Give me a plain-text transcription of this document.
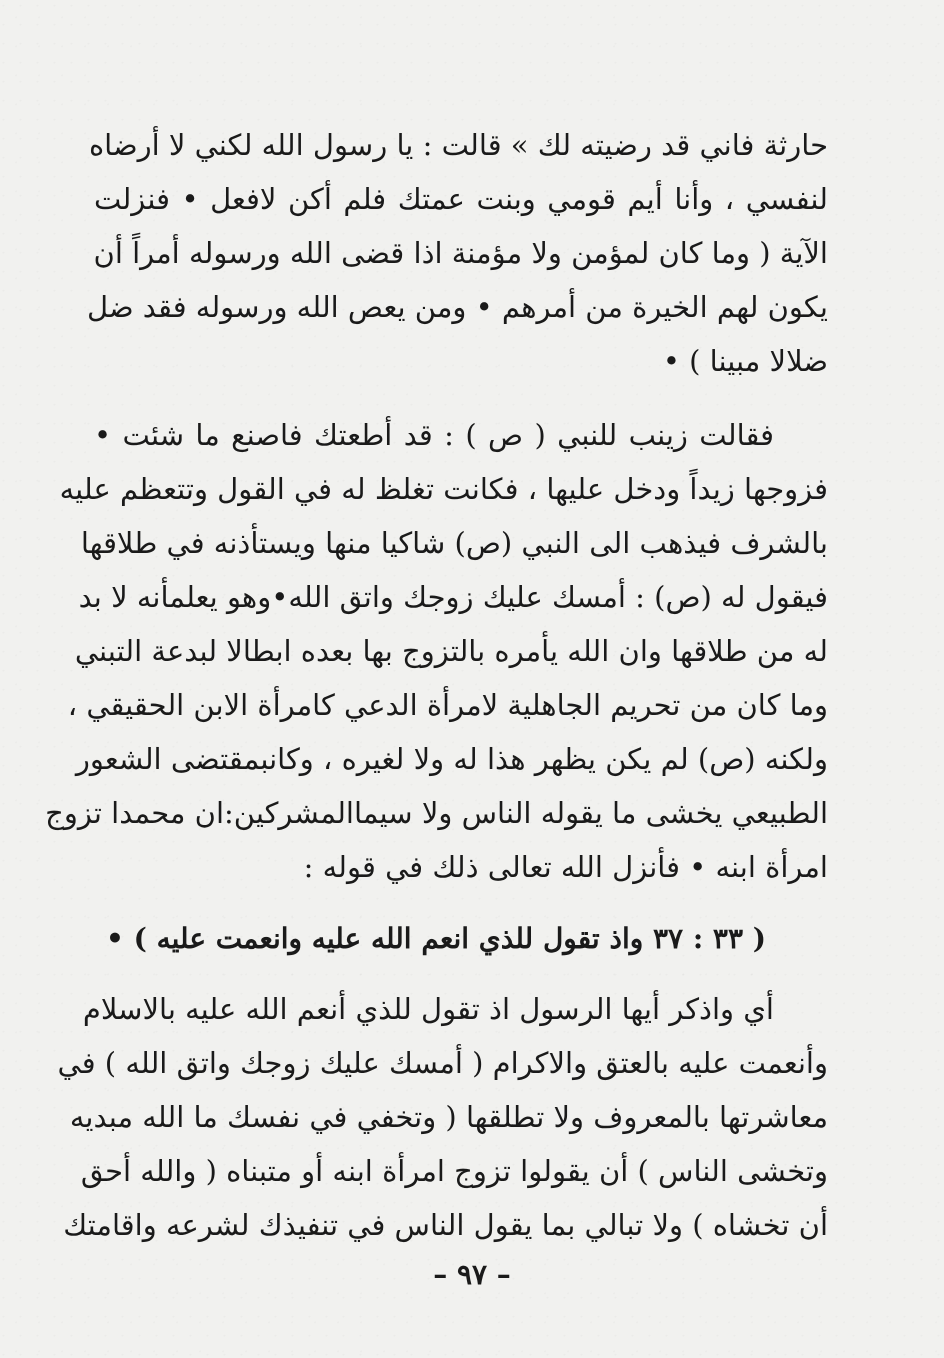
حارثة فاني قد رضيته لك » قالت : يا رسول الله لكني لا أرضاه
لنفسي ، وأنا أيم قومي وبنت عمتك فلم أكن لافعل • فنزلت
الآية ( وما كان لمؤمن ولا مؤمنة اذا قضى الله ورسوله أمراً أن
يكون لهم الخيرة من أمرهم • ومن يعص الله ورسوله فقد ضل
ضلالا مبينا ) •
فقالت زينب للنبي ( ص ) : قد أطعتك فاصنع ما شئت •
فزوجها زيداً ودخل عليها ، فكانت تغلظ له في القول وتتعظم عليه
بالشرف فيذهب الى النبي (ص) شاكيا منها ويستأذنه في طلاقها
فيقول له (ص) : أمسك عليك زوجك واتق الله•وهو يعلمأنه لا بد
له من طلاقها وان الله يأمره بالتزوج بها بعده ابطالا لبدعة التبني
وما كان من تحريم الجاهلية لامرأة الدعي كامرأة الابن الحقيقي ،
ولكنه (ص) لم يكن يظهر هذا له ولا لغيره ، وكانبمقتضى الشعور
الطبيعي يخشى ما يقوله الناس ولا سيماالمشركين:ان محمدا تزوج
امرأة ابنه • فأنزل الله تعالى ذلك في قوله :
( ٣٣ : ٣٧ واذ تقول للذي انعم الله عليه وانعمت عليه ) •
أي واذكر أيها الرسول اذ تقول للذي أنعم الله عليه بالاسلام
وأنعمت عليه بالعتق والاكرام ( أمسك عليك زوجك واتق الله ) في
معاشرتها بالمعروف ولا تطلقها ( وتخفي في نفسك ما الله مبديه
وتخشى الناس ) أن يقولوا تزوج امرأة ابنه أو متبناه ( والله أحق
أن تخشاه ) ولا تبالي بما يقول الناس في تنفيذك لشرعه واقامتك
– ٩٧ –
